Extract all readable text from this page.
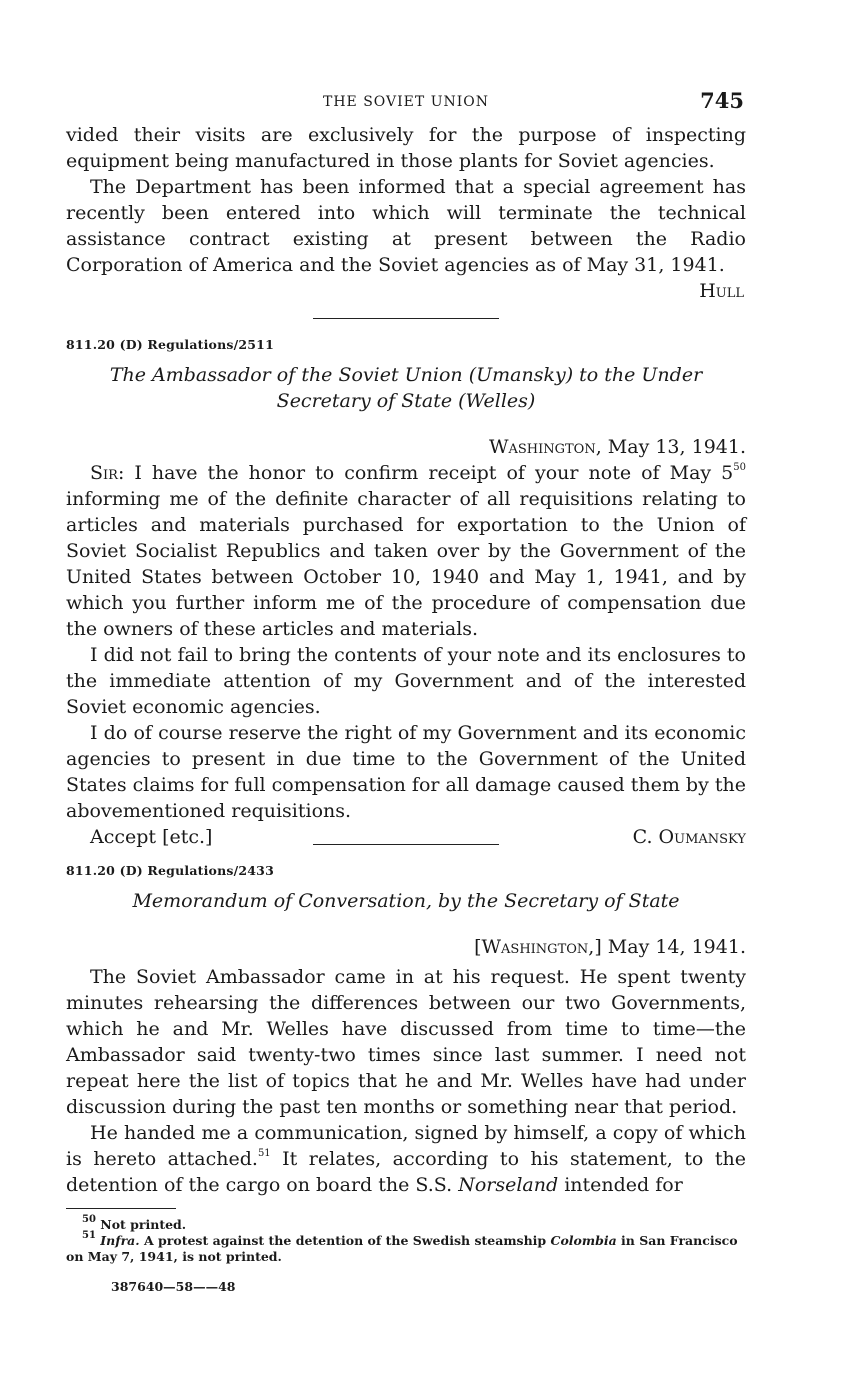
THE SOVIET UNION	745

vided their visits are exclusively for the purpose of inspecting equipment being manufactured in those plants for Soviet agencies.

The Department has been informed that a special agreement has recently been entered into which will terminate the technical assistance contract existing at present between the Radio Corporation of America and the Soviet agencies as of May 31, 1941.

Hull
811.20 (D) Regulations/2511
The Ambassador of the Soviet Union (Umansky) to the Under Secretary of State (Welles)
Washington, May 13, 1941.

Sir: I have the honor to confirm receipt of your note of May $5^{50}$ informing me of the definite character of all requisitions relating to articles and materials purchased for exportation to the Union of Soviet Socialist Republics and taken over by the Government of the United States between October 10, 1940 and May 1, 1941, and by which you further inform me of the procedure of compensation due the owners of these articles and materials.

I did not fail to bring the contents of your note and its enclosures to the immediate attention of my Government and of the interested Soviet economic agencies.

I do of course reserve the right of my Government and its economic agencies to present in due time to the Government of the United States claims for full compensation for all damage caused them by the abovementioned requisitions.

Accept [etc.]	C. Oumansky
811.20 (D) Regulations/2433
Memorandum of Conversation, by the Secretary of State
[Washington,] May 14, 1941.

The Soviet Ambassador came in at his request. He spent twenty minutes rehearsing the differences between our two Governments, which he and Mr. Welles have discussed from time to time—the Ambassador said twenty-two times since last summer. I need not repeat here the list of topics that he and Mr. Welles have had under discussion during the past ten months or something near that period.

He handed me a communication, signed by himself, a copy of which is hereto attached.$^{51}$ It relates, according to his statement, to the detention of the cargo on board the S.S. Norseland intended for

$^{50}$ Not printed.
$^{51}$ Infra. A protest against the detention of the Swedish steamship Colombia in San Francisco on May 7, 1941, is not printed.
387640—58——48
